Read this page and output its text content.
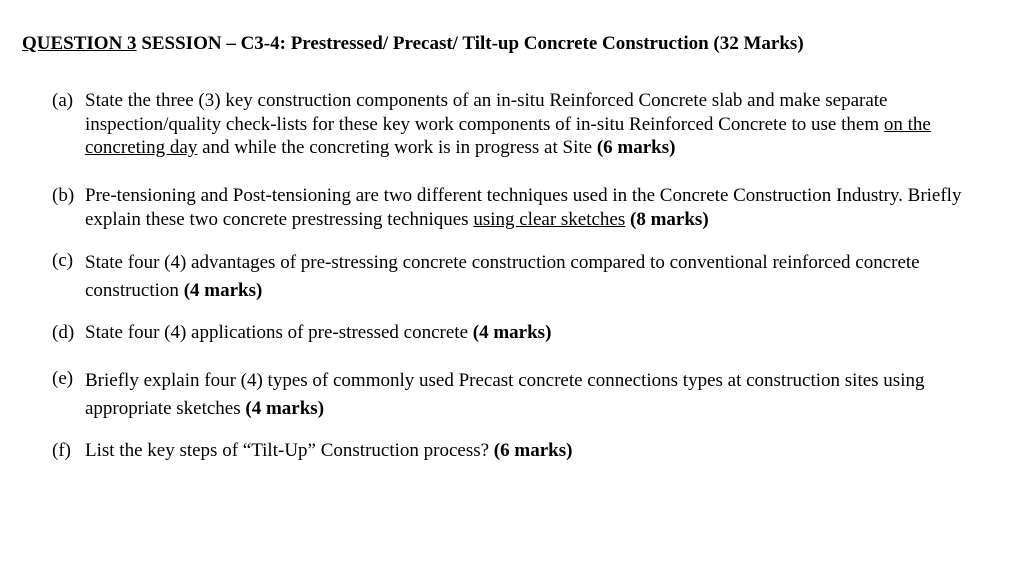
QUESTION 3 SESSION – C3-4: Prestressed/ Precast/ Tilt-up Concrete Construction (32 Marks)
(a) State the three (3) key construction components of an in-situ Reinforced Concrete slab and make separate inspection/quality check-lists for these key work components of in-situ Reinforced Concrete to use them on the concreting day and while the concreting work is in progress at Site (6 marks)
(b) Pre-tensioning and Post-tensioning are two different techniques used in the Concrete Construction Industry. Briefly explain these two concrete prestressing techniques using clear sketches (8 marks)
(c) State four (4) advantages of pre-stressing concrete construction compared to conventional reinforced concrete construction (4 marks)
(d) State four (4) applications of pre-stressed concrete (4 marks)
(e) Briefly explain four (4) types of commonly used Precast concrete connections types at construction sites using appropriate sketches (4 marks)
(f) List the key steps of “Tilt-Up” Construction process? (6 marks)
